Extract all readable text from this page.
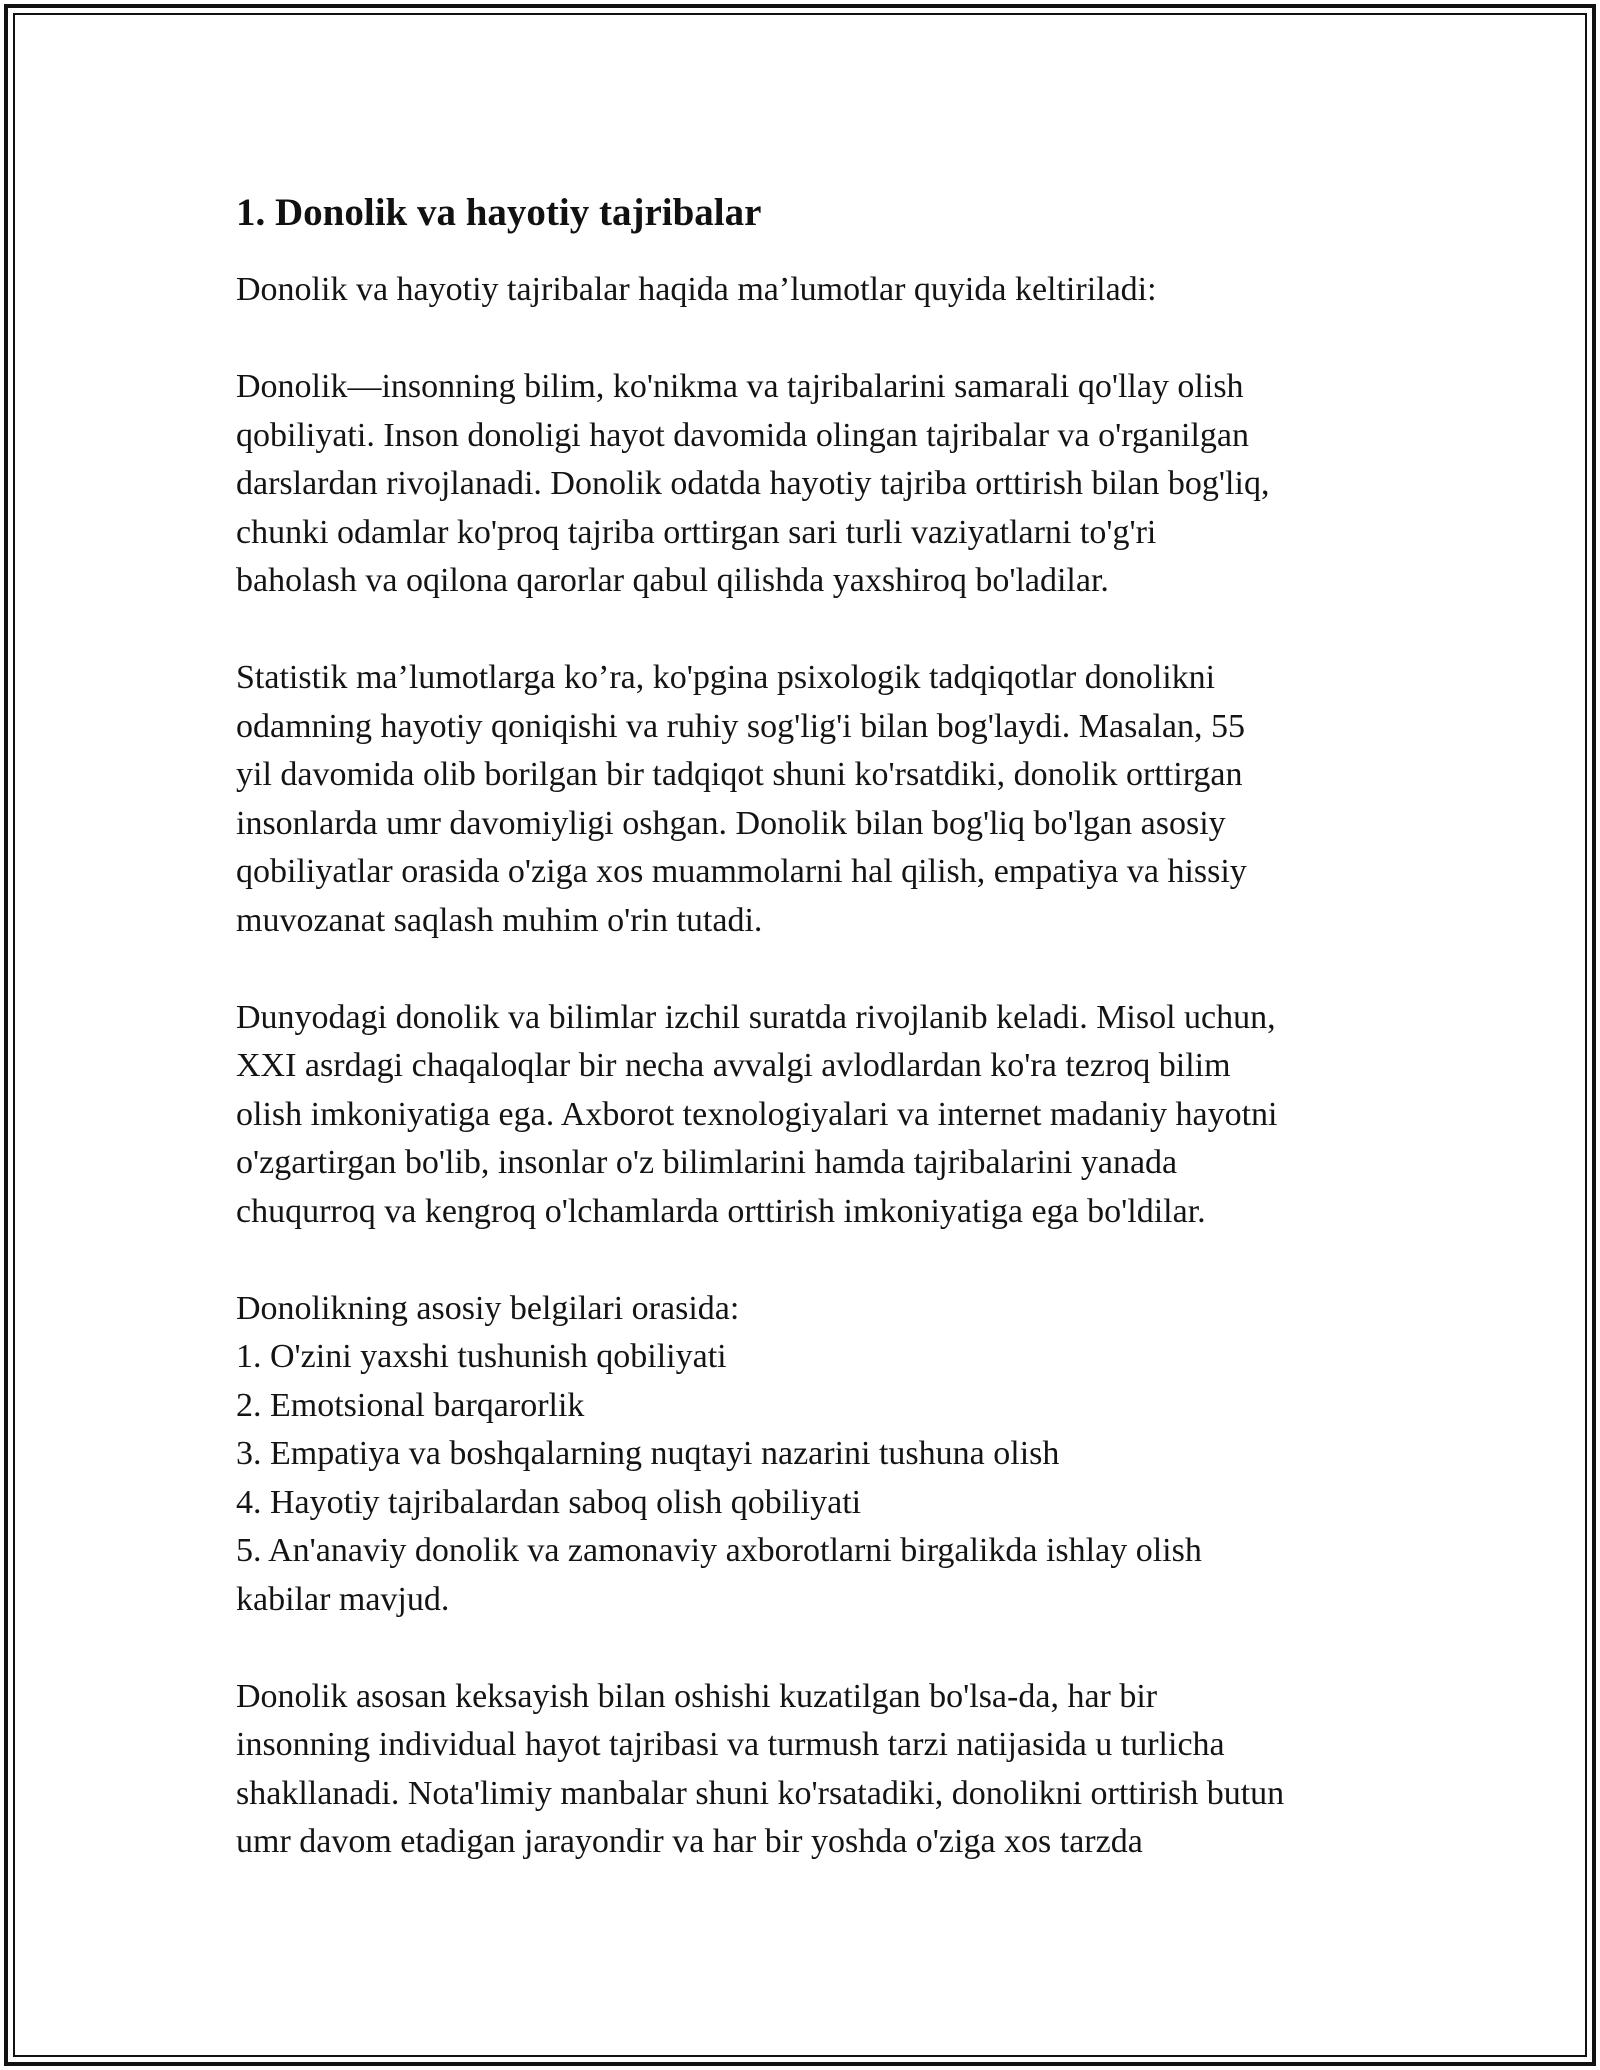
1. Donolik va hayotiy tajribalar

Donolik va hayotiy tajribalar haqida ma’lumotlar quyida keltiriladi:

Donolik—insonning bilim, ko'nikma va tajribalarini samarali qo'llay olish
qobiliyati. Inson donoligi hayot davomida olingan tajribalar va o'rganilgan
darslardan rivojlanadi. Donolik odatda hayotiy tajriba orttirish bilan bog'liq,
chunki odamlar ko'proq tajriba orttirgan sari turli vaziyatlarni to'g'ri
baholash va oqilona qarorlar qabul qilishda yaxshiroq bo'ladilar.

Statistik ma’lumotlarga ko’ra, ko'pgina psixologik tadqiqotlar donolikni
odamning hayotiy qoniqishi va ruhiy sog'lig'i bilan bog'laydi. Masalan, 55
yil davomida olib borilgan bir tadqiqot shuni ko'rsatdiki, donolik orttirgan
insonlarda umr davomiyligi oshgan. Donolik bilan bog'liq bo'lgan asosiy
qobiliyatlar orasida o'ziga xos muammolarni hal qilish, empatiya va hissiy
muvozanat saqlash muhim o'rin tutadi.

Dunyodagi donolik va bilimlar izchil suratda rivojlanib keladi. Misol uchun,
XXI asrdagi chaqaloqlar bir necha avvalgi avlodlardan ko'ra tezroq bilim
olish imkoniyatiga ega. Axborot texnologiyalari va internet madaniy hayotni
o'zgartirgan bo'lib, insonlar o'z bilimlarini hamda tajribalarini yanada
chuqurroq va kengroq o'lchamlarda orttirish imkoniyatiga ega bo'ldilar.

Donolikning asosiy belgilari orasida:

1. O'zini yaxshi tushunish qobiliyati
2. Emotsional barqarorlik
3. Empatiya va boshqalarning nuqtayi nazarini tushuna olish
4. Hayotiy tajribalardan saboq olish qobiliyati
5. An'anaviy donolik va zamonaviy axborotlarni birgalikda ishlay olish

kabilar mavjud.

Donolik asosan keksayish bilan oshishi kuzatilgan bo'lsa-da, har bir
insonning individual hayot tajribasi va turmush tarzi natijasida u turlicha
shakllanadi. Nota'limiy manbalar shuni ko'rsatadiki, donolikni orttirish butun
umr davom etadigan jarayondir va har bir yoshda o'ziga xos tarzda
